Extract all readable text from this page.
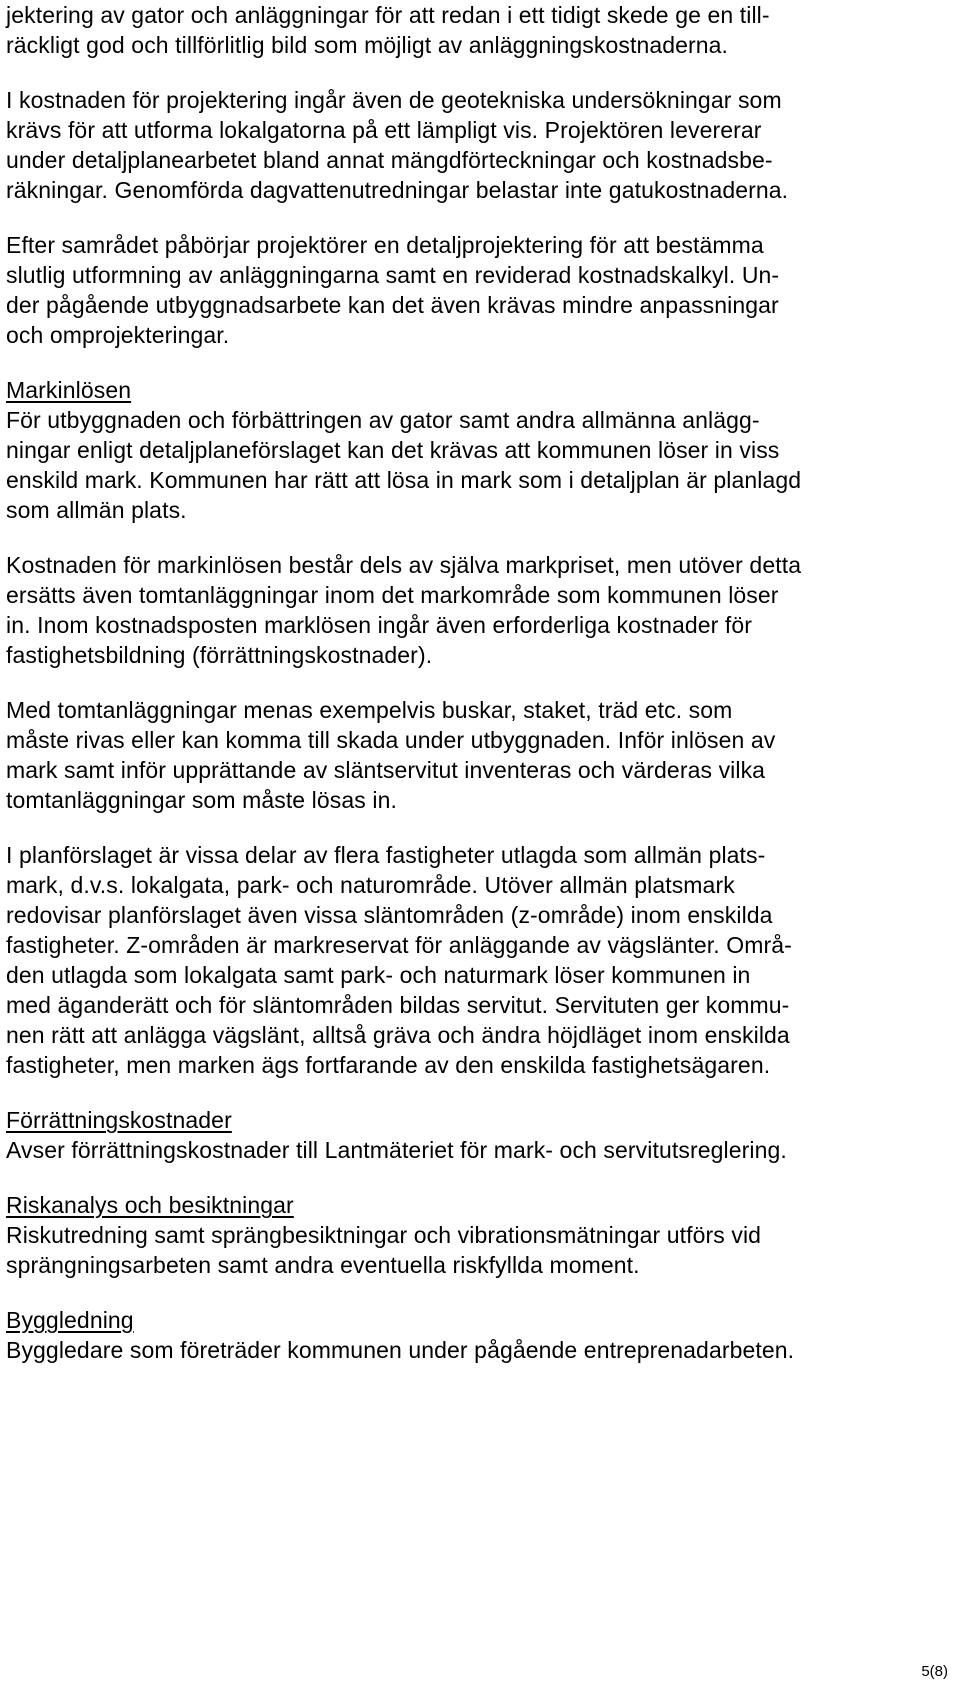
jektering av gator och anläggningar för att redan i ett tidigt skede ge en till-
räckligt god och tillförlitlig bild som möjligt av anläggningskostnaderna.
I kostnaden för projektering ingår även de geotekniska undersökningar som
krävs för att utforma lokalgatorna på ett lämpligt vis. Projektören levererar
under detaljplanearbetet bland annat mängdförteckningar och kostnadsbe-
räkningar. Genomförda dagvattenutredningar belastar inte gatukostnaderna.
Efter samrådet påbörjar projektörer en detaljprojektering för att bestämma
slutlig utformning av anläggningarna samt en reviderad kostnadskalkyl. Un-
der pågående utbyggnadsarbete kan det även krävas mindre anpassningar
och omprojekteringar.
Markinlösen
För utbyggnaden och förbättringen av gator samt andra allmänna anlägg-
ningar enligt detaljplaneförslaget kan det krävas att kommunen löser in viss
enskild mark. Kommunen har rätt att lösa in mark som i detaljplan är planlagd
som allmän plats.
Kostnaden för markinlösen består dels av själva markpriset, men utöver detta
ersätts även tomtanläggningar inom det markområde som kommunen löser
in. Inom kostnadsposten marklösen ingår även erforderliga kostnader för
fastighetsbildning (förrättningskostnader).
Med tomtanläggningar menas exempelvis buskar, staket, träd etc. som
måste rivas eller kan komma till skada under utbyggnaden. Inför inlösen av
mark samt inför upprättande av släntservitut inventeras och värderas vilka
tomtanläggningar som måste lösas in.
I planförslaget är vissa delar av flera fastigheter utlagda som allmän plats-
mark, d.v.s. lokalgata, park- och naturområde. Utöver allmän platsmark
redovisar planförslaget även vissa släntområden (z-område) inom enskilda
fastigheter. Z-områden är markreservat för anläggande av vägslänter. Områ-
den utlagda som lokalgata samt park- och naturmark löser kommunen in
med äganderätt och för släntområden bildas servitut. Servituten ger kommu-
nen rätt att anlägga vägslänt, alltså gräva och ändra höjdläget inom enskilda
fastigheter, men marken ägs fortfarande av den enskilda fastighetsägaren.
Förrättningskostnader
Avser förrättningskostnader till Lantmäteriet för mark- och servitutsreglering.
Riskanalys och besiktningar
Riskutredning samt sprängbesiktningar och vibrationsmätningar utförs vid
sprängningsarbeten samt andra eventuella riskfyllda moment.
Byggledning
Byggledare som företräder kommunen under pågående entreprenadarbeten.
5(8)
